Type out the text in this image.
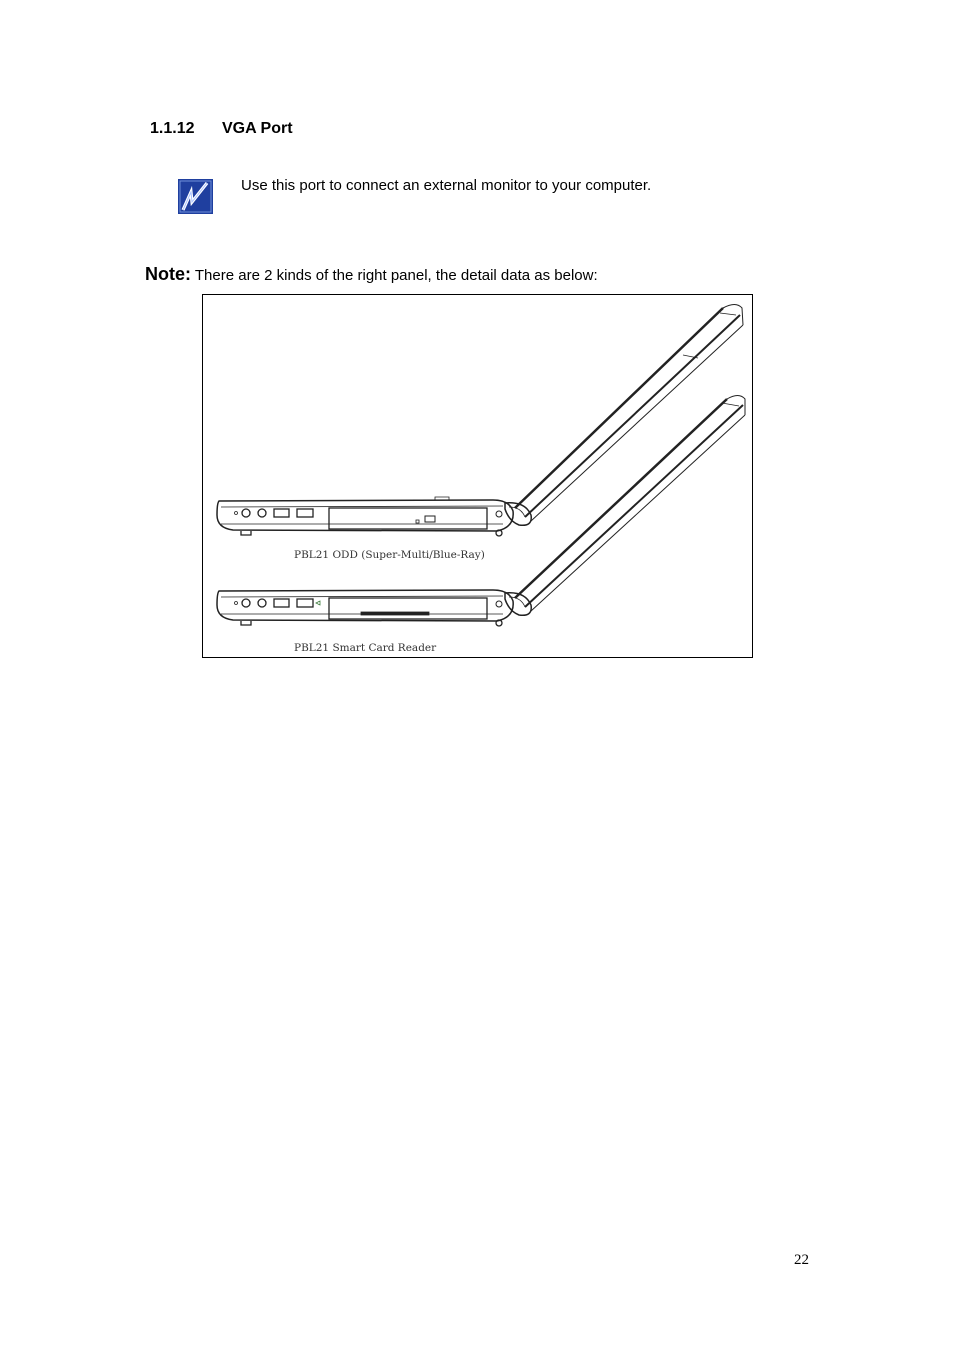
1.1.12 VGA Port
Use this port to connect an external monitor to your computer.
Note: There are 2 kinds of the right panel, the detail data as below:
PBL21 ODD (Super-Multi/Blue-Ray)
PBL21 Smart Card Reader
22
